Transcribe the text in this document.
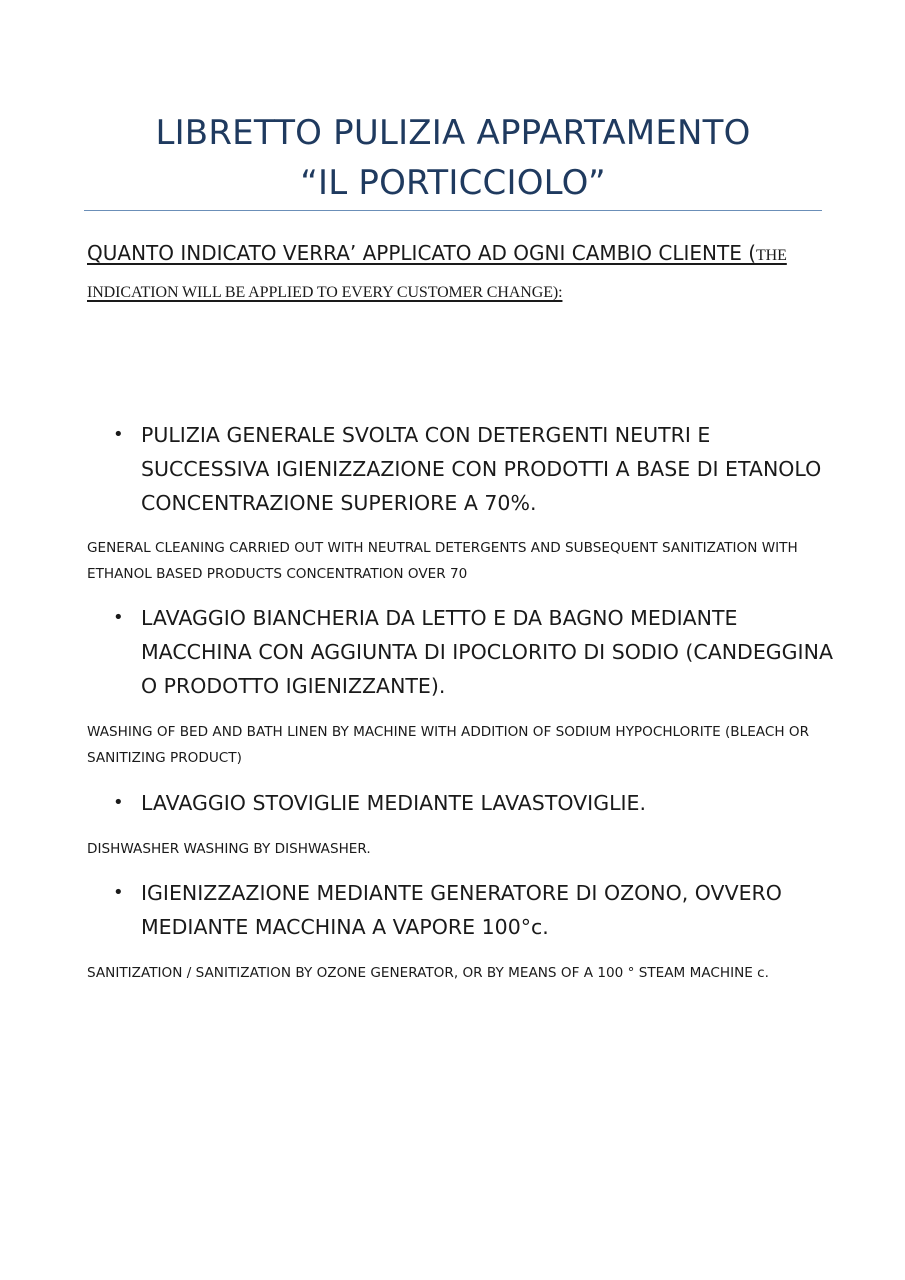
LIBRETTO PULIZIA APPARTAMENTO
“IL PORTICCIOLO”
QUANTO INDICATO VERRA’ APPLICATO AD OGNI CAMBIO CLIENTE (THE INDICATION WILL BE APPLIED TO EVERY CUSTOMER CHANGE):
• PULIZIA GENERALE SVOLTA CON DETERGENTI NEUTRI E SUCCESSIVA IGIENIZZAZIONE CON PRODOTTI A BASE DI ETANOLO CONCENTRAZIONE SUPERIORE A 70%.
GENERAL CLEANING CARRIED OUT WITH NEUTRAL DETERGENTS AND SUBSEQUENT SANITIZATION WITH ETHANOL BASED PRODUCTS CONCENTRATION OVER 70
• LAVAGGIO BIANCHERIA DA LETTO E DA BAGNO MEDIANTE MACCHINA CON AGGIUNTA DI IPOCLORITO DI SODIO (CANDEGGINA O PRODOTTO IGIENIZZANTE).
WASHING OF BED AND BATH LINEN BY MACHINE WITH ADDITION OF SODIUM HYPOCHLORITE (BLEACH OR SANITIZING PRODUCT)
• LAVAGGIO STOVIGLIE MEDIANTE LAVASTOVIGLIE.
DISHWASHER WASHING BY DISHWASHER.
• IGIENIZZAZIONE MEDIANTE GENERATORE DI OZONO, OVVERO MEDIANTE MACCHINA A VAPORE 100°c.
SANITIZATION / SANITIZATION BY OZONE GENERATOR, OR BY MEANS OF A 100 ° STEAM MACHINE c.
